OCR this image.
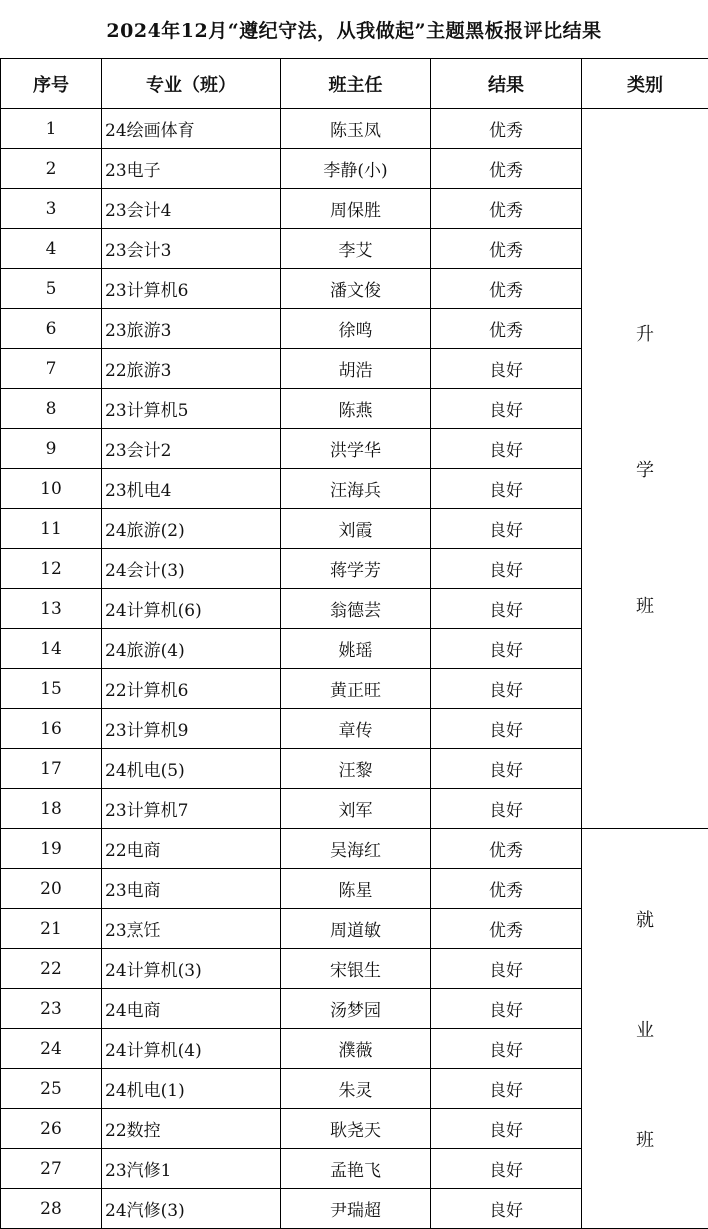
2024年12月“遵纪守法，从我做起”主题黑板报评比结果
序号	专业（班）	班主任	结果	类别
1	24绘画体育	陈玉凤	优秀	升
学
班

2	23电子	李静(小)	优秀	
3	23会计4	周保胜	优秀	
4	23会计3	李艾	优秀	
5	23计算机6	潘文俊	优秀	
6	23旅游3	徐鸣	优秀	
7	22旅游3	胡浩	良好	
8	23计算机5	陈燕	良好	
9	23会计2	洪学华	良好	
10	23机电4	汪海兵	良好	
11	24旅游(2)	刘霞	良好	
12	24会计(3)	蒋学芳	良好	
13	24计算机(6)	翁德芸	良好	
14	24旅游(4)	姚瑶	良好	
15	22计算机6	黄正旺	良好	
16	23计算机9	章传	良好	
17	24机电(5)	汪黎	良好	
18	23计算机7	刘军	良好	
19	22电商	吴海红	优秀	就
业
班

20	23电商	陈星	优秀	
21	23烹饪	周道敏	优秀	
22	24计算机(3)	宋银生	良好	
23	24电商	汤梦园	良好	
24	24计算机(4)	濮薇	良好	
25	24机电(1)	朱灵	良好	
26	22数控	耿尧天	良好	
27	23汽修1	孟艳飞	良好	
28	24汽修(3)	尹瑞超	良好	
